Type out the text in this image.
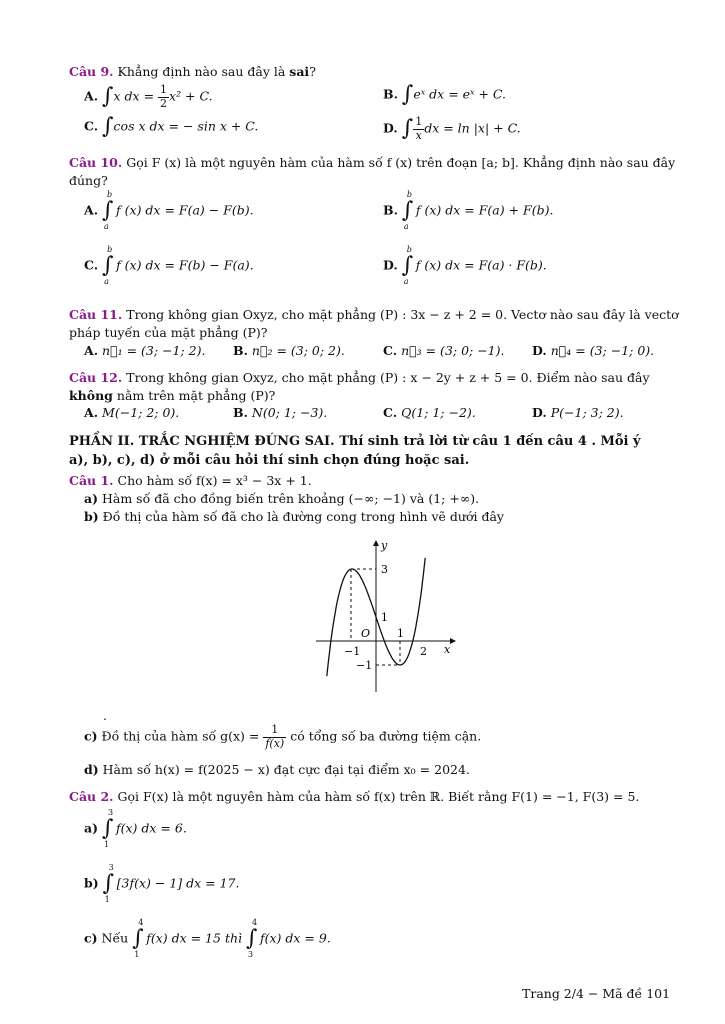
Câu 9. Khẳng định nào sau đây là sai?
A. ∫x dx = $\frac{1}{2} x^2 + C$.	B. ∫eˣ dx = eˣ + C.
C. ∫cos x dx = − sin x + C.	D. ∫ $\frac{1}{x}$ dx = ln |x| + C.
Câu 10. Gọi F (x) là một nguyên hàm của hàm số f (x) trên đoạn [a; b]. Khẳng định nào sau đây
đúng?
A. ∫
b
a
f (x) dx = F(a) − F(b).	B. ∫
b
a
f (x) dx = F(a) + F(b).
C. ∫
b
a
f (x) dx = F(b) − F(a).	D. ∫
b
a
f (x) dx = F(a) · F(b).
Câu 11. Trong không gian Oxyz, cho mặt phẳng (P) : 3x − z + 2 = 0. Vectơ nào sau đây là vectơ
pháp tuyến của mặt phẳng (P)?
A. n⃗₁ = (3; −1; 2). B. n⃗₂ = (3; 0; 2).	C. n⃗₃ = (3; 0; −1). D. n⃗₄ = (3; −1; 0).
Câu 12. Trong không gian Oxyz, cho mặt phẳng (P) : x − 2y + z + 5 = 0. Điểm nào sau đây
không nằm trên mặt phẳng (P)?
A. M(−1; 2; 0).	B. N(0; 1; −3).	C. Q(1; 1; −2).	D. P(−1; 3; 2).
PHẦN II. TRẮC NGHIỆM ĐÚNG SAI. Thí sinh trả lời từ câu 1 đến câu 4 . Mỗi ý
a), b), c), d) ở mỗi câu hỏi thí sinh chọn đúng hoặc sai.
Câu 1. Cho hàm số f(x) = x³ − 3x + 1.
a) Hàm số đã cho đồng biến trên khoảng (−∞; −1) và (1; +∞).
b) Đồ thị của hàm số đã cho là đường cong trong hình vẽ dưới đây
y
x
O
3
1
−1
−1
1
2
.
c) Đồ thị của hàm số $g(x) = \frac{1}{f(x)}$ có tổng số ba đường tiệm cận.
d) Hàm số h(x) = f(2025 − x) đạt cực đại tại điểm x₀ = 2024.
Câu 2. Gọi F(x) là một nguyên hàm của hàm số f(x) trên ℝ. Biết rằng F(1) = −1, F(3) = 5.
a) ∫
3
1
f(x) dx = 6.
b) ∫
3
1
[3f(x) − 1] dx = 17.
c) Nếu ∫
4
1
f(x) dx = 15 thì ∫
4
3
f(x) dx = 9.
Trang 2/4 − Mã đề 101
